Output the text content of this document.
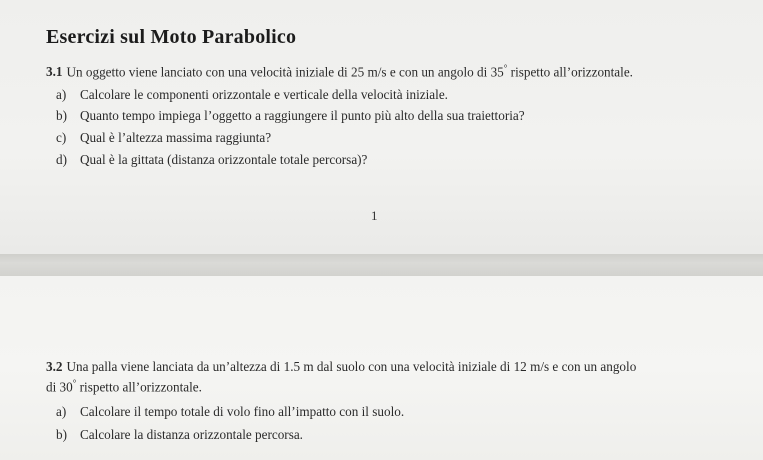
Esercizi sul Moto Parabolico
3.1 Un oggetto viene lanciato con una velocità iniziale di 25 m/s e con un angolo di 35° rispetto all’orizzontale.
a) Calcolare le componenti orizzontale e verticale della velocità iniziale.
b) Quanto tempo impiega l’oggetto a raggiungere il punto più alto della sua traiettoria?
c) Qual è l’altezza massima raggiunta?
d) Qual è la gittata (distanza orizzontale totale percorsa)?
1
3.2 Una palla viene lanciata da un’altezza di 1.5 m dal suolo con una velocità iniziale di 12 m/s e con un angolo
di 30° rispetto all’orizzontale.
a) Calcolare il tempo totale di volo fino all’impatto con il suolo.
b) Calcolare la distanza orizzontale percorsa.
